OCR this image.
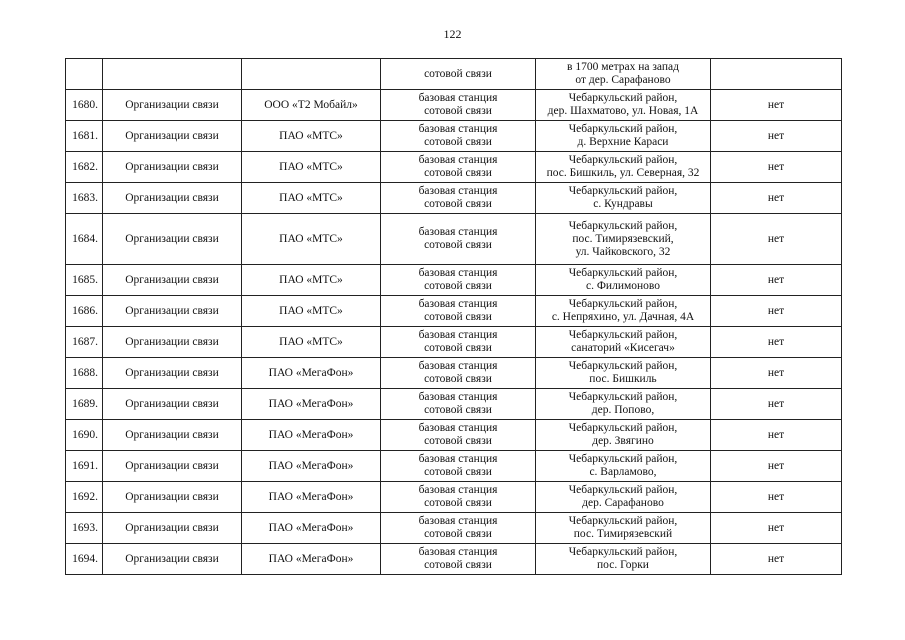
122

			сотовой связи	в 1700 метрах на запад
от дер. Сарафаново	

1680.	Организации связи	ООО «Т2 Мобайл»	базовая станция
сотовой связи	Чебаркульский район,
дер. Шахматово, ул. Новая, 1А	нет
1681.	Организации связи	ПАО «МТС»	базовая станция
сотовой связи	Чебаркульский район,
д. Верхние Караси	нет
1682.	Организации связи	ПАО «МТС»	базовая станция
сотовой связи	Чебаркульский район,
пос. Бишкиль, ул. Северная, 32	нет
1683.	Организации связи	ПАО «МТС»	базовая станция
сотовой связи	Чебаркульский район,
с. Кундравы	нет
1684.	Организации связи	ПАО «МТС»	базовая станция
сотовой связи	Чебаркульский район,
пос. Тимирязевский,
ул. Чайковского, 32	нет
1685.	Организации связи	ПАО «МТС»	базовая станция
сотовой связи	Чебаркульский район,
с. Филимоново	нет
1686.	Организации связи	ПАО «МТС»	базовая станция
сотовой связи	Чебаркульский район,
с. Непряхино, ул. Дачная, 4А	нет
1687.	Организации связи	ПАО «МТС»	базовая станция
сотовой связи	Чебаркульский район,
санаторий «Кисегач»	нет
1688.	Организации связи	ПАО «МегаФон»	базовая станция
сотовой связи	Чебаркульский район,
пос. Бишкиль	нет
1689.	Организации связи	ПАО «МегаФон»	базовая станция
сотовой связи	Чебаркульский район,
дер. Попово,	нет
1690.	Организации связи	ПАО «МегаФон»	базовая станция
сотовой связи	Чебаркульский район,
дер. Звягино	нет
1691.	Организации связи	ПАО «МегаФон»	базовая станция
сотовой связи	Чебаркульский район,
с. Варламово,	нет
1692.	Организации связи	ПАО «МегаФон»	базовая станция
сотовой связи	Чебаркульский район,
дер. Сарафаново	нет
1693.	Организации связи	ПАО «МегаФон»	базовая станция
сотовой связи	Чебаркульский район,
пос. Тимирязевский	нет
1694.	Организации связи	ПАО «МегаФон»	базовая станция
сотовой связи	Чебаркульский район,
пос. Горки	нет
